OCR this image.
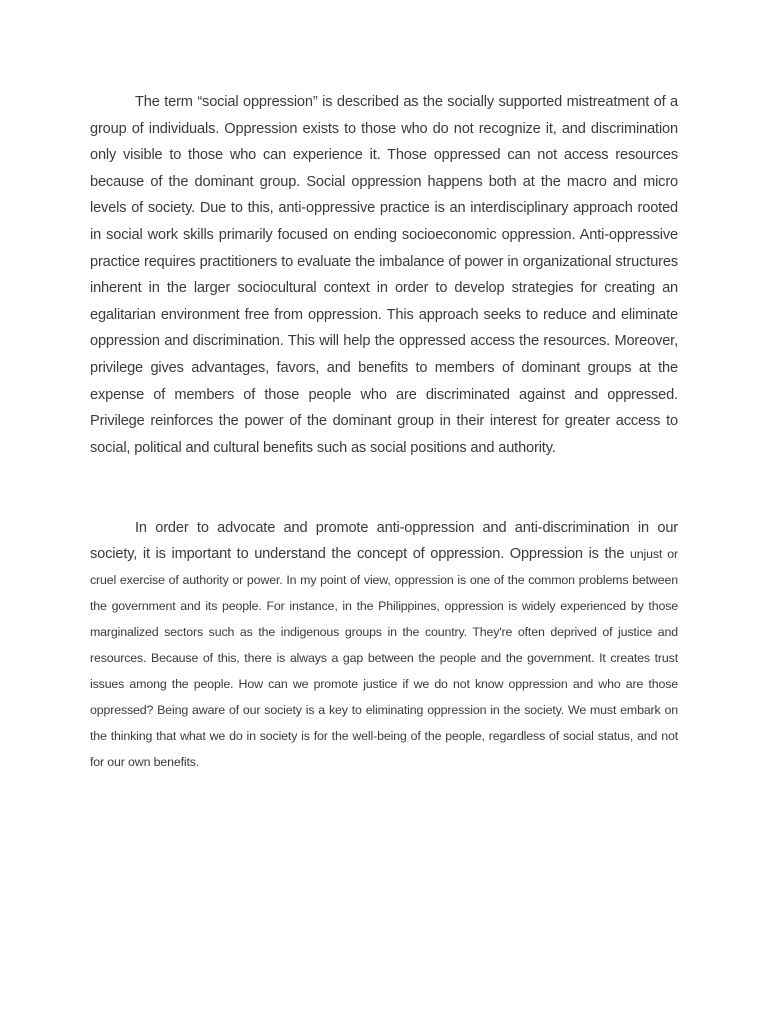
The term “social oppression” is described as the socially supported mistreatment of a group of individuals. Oppression exists to those who do not recognize it, and discrimination only visible to those who can experience it. Those oppressed can not access resources because of the dominant group. Social oppression happens both at the macro and micro levels of society. Due to this, anti-oppressive practice is an interdisciplinary approach rooted in social work skills primarily focused on ending socioeconomic oppression. Anti-oppressive practice requires practitioners to evaluate the imbalance of power in organizational structures inherent in the larger sociocultural context in order to develop strategies for creating an egalitarian environment free from oppression. This approach seeks to reduce and eliminate oppression and discrimination. This will help the oppressed access the resources. Moreover, privilege gives advantages, favors, and benefits to members of dominant groups at the expense of members of those people who are discriminated against and oppressed. Privilege reinforces the power of the dominant group in their interest for greater access to social, political and cultural benefits such as social positions and authority.

In order to advocate and promote anti-oppression and anti-discrimination in our society, it is important to understand the concept of oppression. Oppression is the unjust or cruel exercise of authority or power. In my point of view, oppression is one of the common problems between the government and its people. For instance, in the Philippines, oppression is widely experienced by those marginalized sectors such as the indigenous groups in the country. They're often deprived of justice and resources. Because of this, there is always a gap between the people and the government. It creates trust issues among the people. How can we promote justice if we do not know oppression and who are those oppressed? Being aware of our society is a key to eliminating oppression in the society. We must embark on the thinking that what we do in society is for the well-being of the people, regardless of social status, and not for our own benefits.
